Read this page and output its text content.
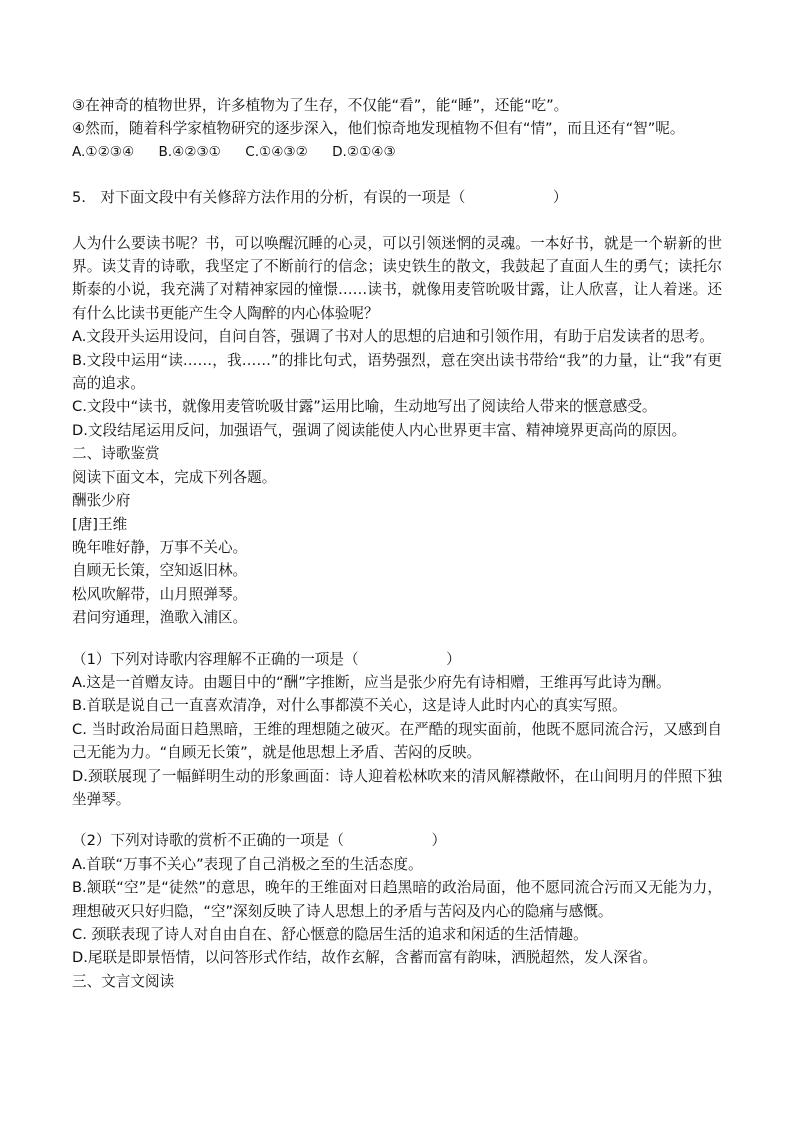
③在神奇的植物世界，许多植物为了生存，不仅能“看”，能“睡”，还能“吃”。
④然而，随着科学家植物研究的逐步深入，他们惊奇地发现植物不但有“情”，而且还有“智”呢。
A.①②③④ B.④②③① C.①④③② D.②①④③
5.　对下面文段中有关修辞方法作用的分析，有误的一项是（　　　　　　）
人为什么要读书呢？书，可以唤醒沉睡的心灵，可以引领迷惘的灵魂。一本好书，就是一个崭新的世界。读艾青的诗歌，我坚定了不断前行的信念；读史铁生的散文，我鼓起了直面人生的勇气；读托尔斯泰的小说，我充满了对精神家园的憧憬……读书，就像用麦管吮吸甘露，让人欣喜，让人着迷。还有什么比读书更能产生令人陶醉的内心体验呢？
A.文段开头运用设问，自问自答，强调了书对人的思想的启迪和引领作用，有助于启发读者的思考。
B.文段中运用“读……，我……”的排比句式，语势强烈，意在突出读书带给“我”的力量，让“我”有更高的追求。
C.文段中“读书，就像用麦管吮吸甘露”运用比喻，生动地写出了阅读给人带来的惬意感受。
D.文段结尾运用反问，加强语气，强调了阅读能使人内心世界更丰富、精神境界更高尚的原因。
二、诗歌鉴赏
阅读下面文本，完成下列各题。
酬张少府
[唐]王维
晚年唯好静，万事不关心。
自顾无长策，空知返旧林。
松风吹解带，山月照弹琴。
君问穷通理，渔歌入浦区。
（1）下列对诗歌内容理解不正确的一项是（　　　　　　）
A.这是一首赠友诗。由题目中的“酬”字推断，应当是张少府先有诗相赠，王维再写此诗为酬。
B.首联是说自己一直喜欢清净，对什么事都漠不关心，这是诗人此时内心的真实写照。
C. 当时政治局面日趋黑暗，王维的理想随之破灭。在严酷的现实面前，他既不愿同流合污，又感到自己无能为力。“自顾无长策”，就是他思想上矛盾、苦闷的反映。
D.颈联展现了一幅鲜明生动的形象画面：诗人迎着松林吹来的清风解襟敞怀，在山间明月的伴照下独坐弹琴。
（2）下列对诗歌的赏析不正确的一项是（　　　　　　）
A.首联“万事不关心”表现了自己消极之至的生活态度。
B.颔联“空”是“徒然”的意思，晚年的王维面对日趋黑暗的政治局面，他不愿同流合污而又无能为力，理想破灭只好归隐，“空”深刻反映了诗人思想上的矛盾与苦闷及内心的隐痛与感慨。
C. 颈联表现了诗人对自由自在、舒心惬意的隐居生活的追求和闲适的生活情趣。
D.尾联是即景悟情，以问答形式作结，故作玄解，含蓄而富有韵味，洒脱超然，发人深省。
三、文言文阅读
